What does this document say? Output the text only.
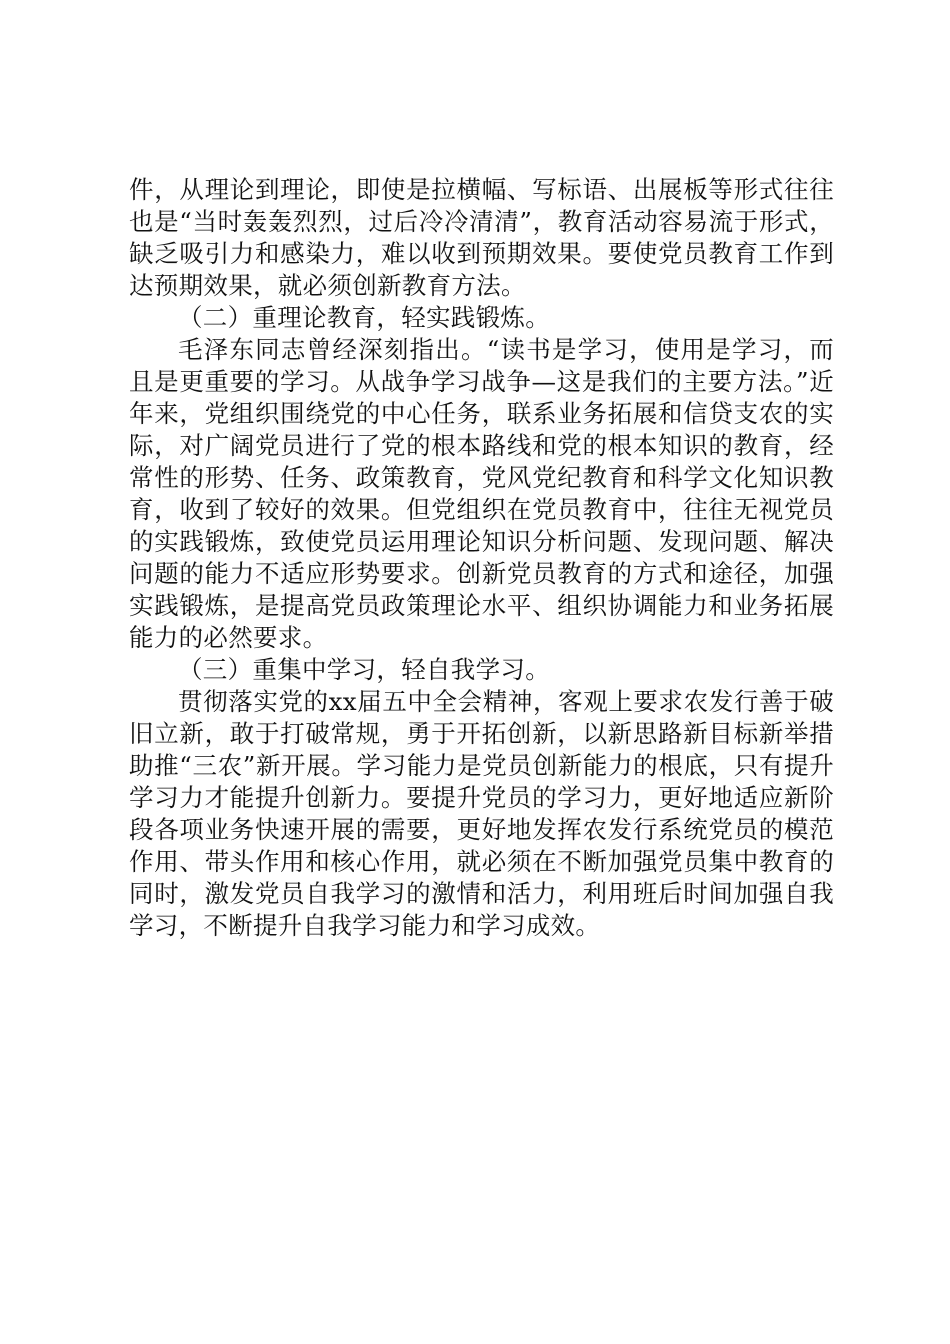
件，从理论到理论，即使是拉横幅、写标语、出展板等形式往往也是“当时轰轰烈烈，过后冷冷清清”，教育活动容易流于形式，缺乏吸引力和感染力，难以收到预期效果。要使党员教育工作到达预期效果，就必须创新教育方法。

（二）重理论教育，轻实践锻炼。

毛泽东同志曾经深刻指出。“读书是学习，使用是学习，而且是更重要的学习。从战争学习战争—这是我们的主要方法。”近年来，党组织围绕党的中心任务，联系业务拓展和信贷支农的实际，对广阔党员进行了党的根本路线和党的根本知识的教育，经常性的形势、任务、政策教育，党风党纪教育和科学文化知识教育，收到了较好的效果。但党组织在党员教育中，往往无视党员的实践锻炼，致使党员运用理论知识分析问题、发现问题、解决问题的能力不适应形势要求。创新党员教育的方式和途径，加强实践锻炼，是提高党员政策理论水平、组织协调能力和业务拓展能力的必然要求。

（三）重集中学习，轻自我学习。

贯彻落实党的xx届五中全会精神，客观上要求农发行善于破旧立新，敢于打破常规，勇于开拓创新，以新思路新目标新举措助推“三农”新开展。学习能力是党员创新能力的根底，只有提升学习力才能提升创新力。要提升党员的学习力，更好地适应新阶段各项业务快速开展的需要，更好地发挥农发行系统党员的模范作用、带头作用和核心作用，就必须在不断加强党员集中教育的同时，激发党员自我学习的激情和活力，利用班后时间加强自我学习，不断提升自我学习能力和学习成效。
